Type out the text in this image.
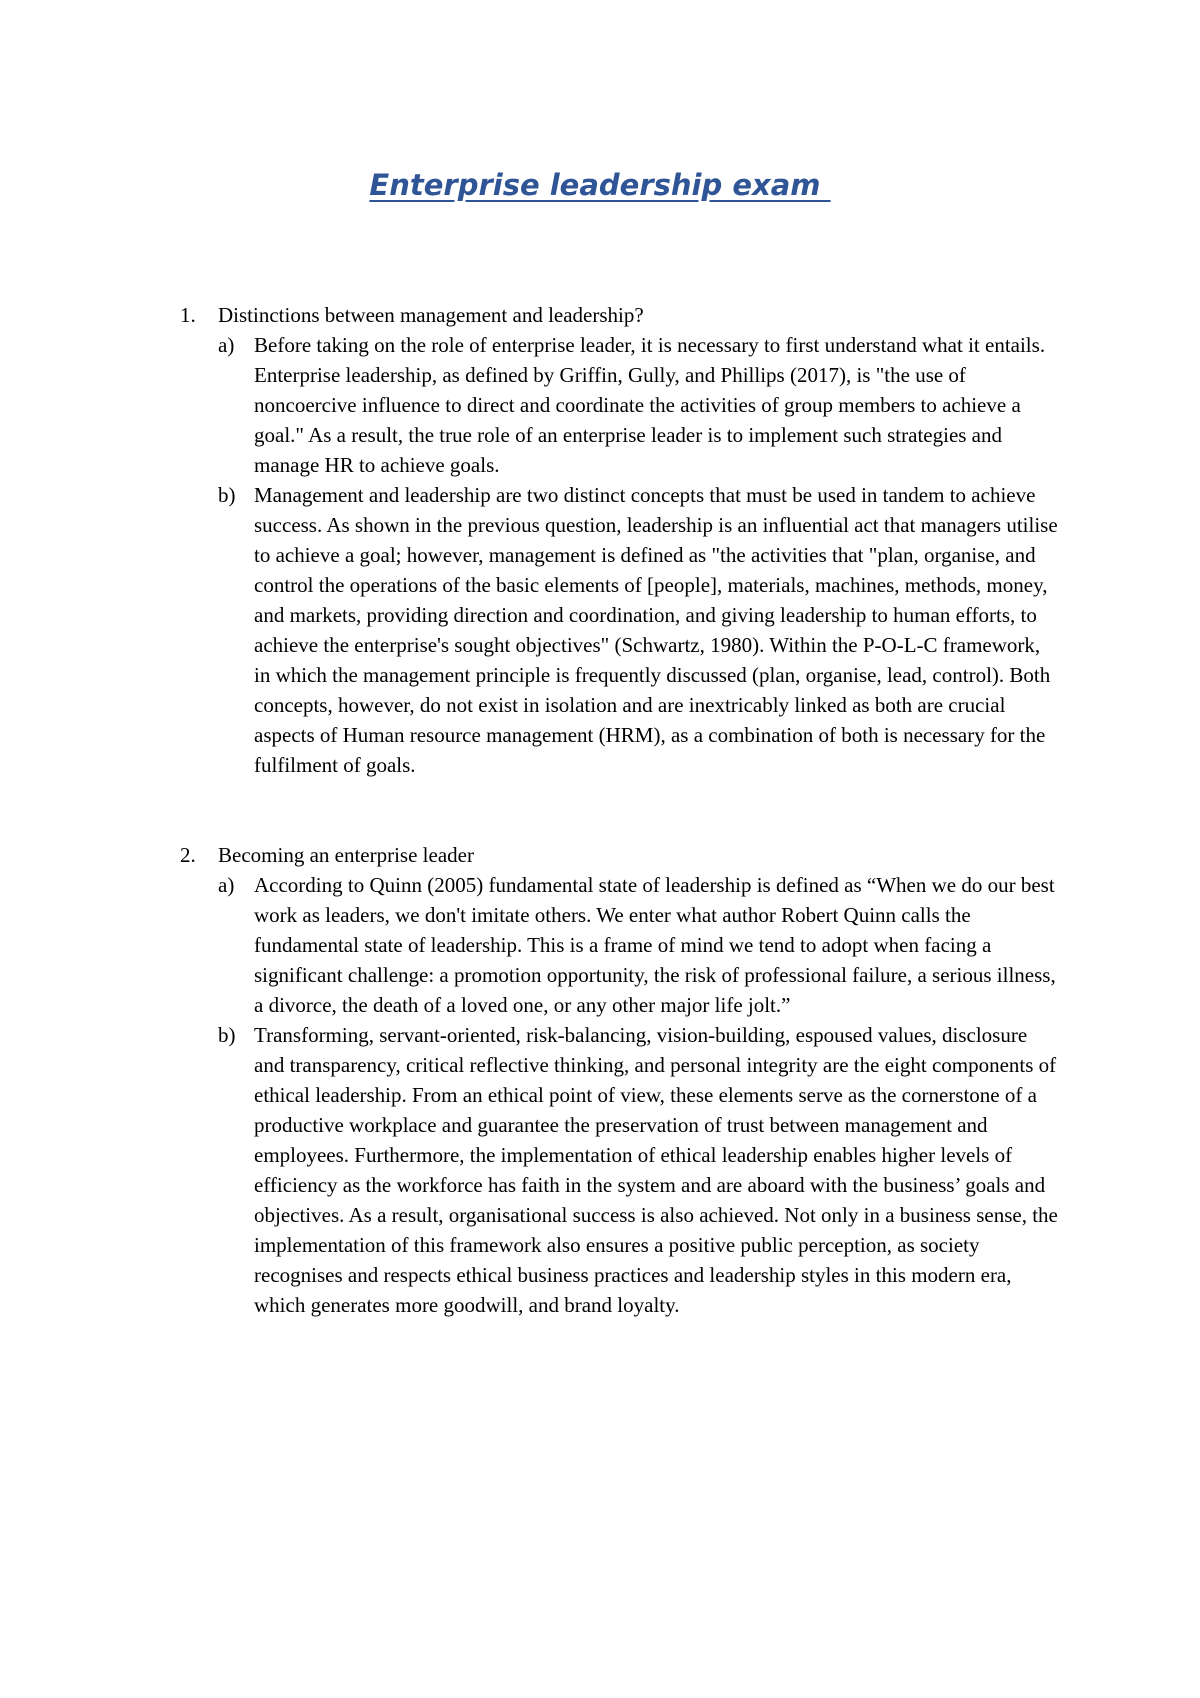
Enterprise leadership exam
1. Distinctions between management and leadership?
a) Before taking on the role of enterprise leader, it is necessary to first understand what it entails. Enterprise leadership, as defined by Griffin, Gully, and Phillips (2017), is "the use of noncoercive influence to direct and coordinate the activities of group members to achieve a goal." As a result, the true role of an enterprise leader is to implement such strategies and manage HR to achieve goals.
b) Management and leadership are two distinct concepts that must be used in tandem to achieve success. As shown in the previous question, leadership is an influential act that managers utilise to achieve a goal; however, management is defined as "the activities that "plan, organise, and control the operations of the basic elements of [people], materials, machines, methods, money, and markets, providing direction and coordination, and giving leadership to human efforts, to achieve the enterprise's sought objectives" (Schwartz, 1980). Within the P-O-L-C framework, in which the management principle is frequently discussed (plan, organise, lead, control). Both concepts, however, do not exist in isolation and are inextricably linked as both are crucial aspects of Human resource management (HRM), as a combination of both is necessary for the fulfilment of goals.
2. Becoming an enterprise leader
a) According to Quinn (2005) fundamental state of leadership is defined as “When we do our best work as leaders, we don't imitate others. We enter what author Robert Quinn calls the fundamental state of leadership. This is a frame of mind we tend to adopt when facing a significant challenge: a promotion opportunity, the risk of professional failure, a serious illness, a divorce, the death of a loved one, or any other major life jolt.”
b) Transforming, servant-oriented, risk-balancing, vision-building, espoused values, disclosure and transparency, critical reflective thinking, and personal integrity are the eight components of ethical leadership. From an ethical point of view, these elements serve as the cornerstone of a productive workplace and guarantee the preservation of trust between management and employees. Furthermore, the implementation of ethical leadership enables higher levels of efficiency as the workforce has faith in the system and are aboard with the business’ goals and objectives. As a result, organisational success is also achieved. Not only in a business sense, the implementation of this framework also ensures a positive public perception, as society recognises and respects ethical business practices and leadership styles in this modern era, which generates more goodwill, and brand loyalty.
